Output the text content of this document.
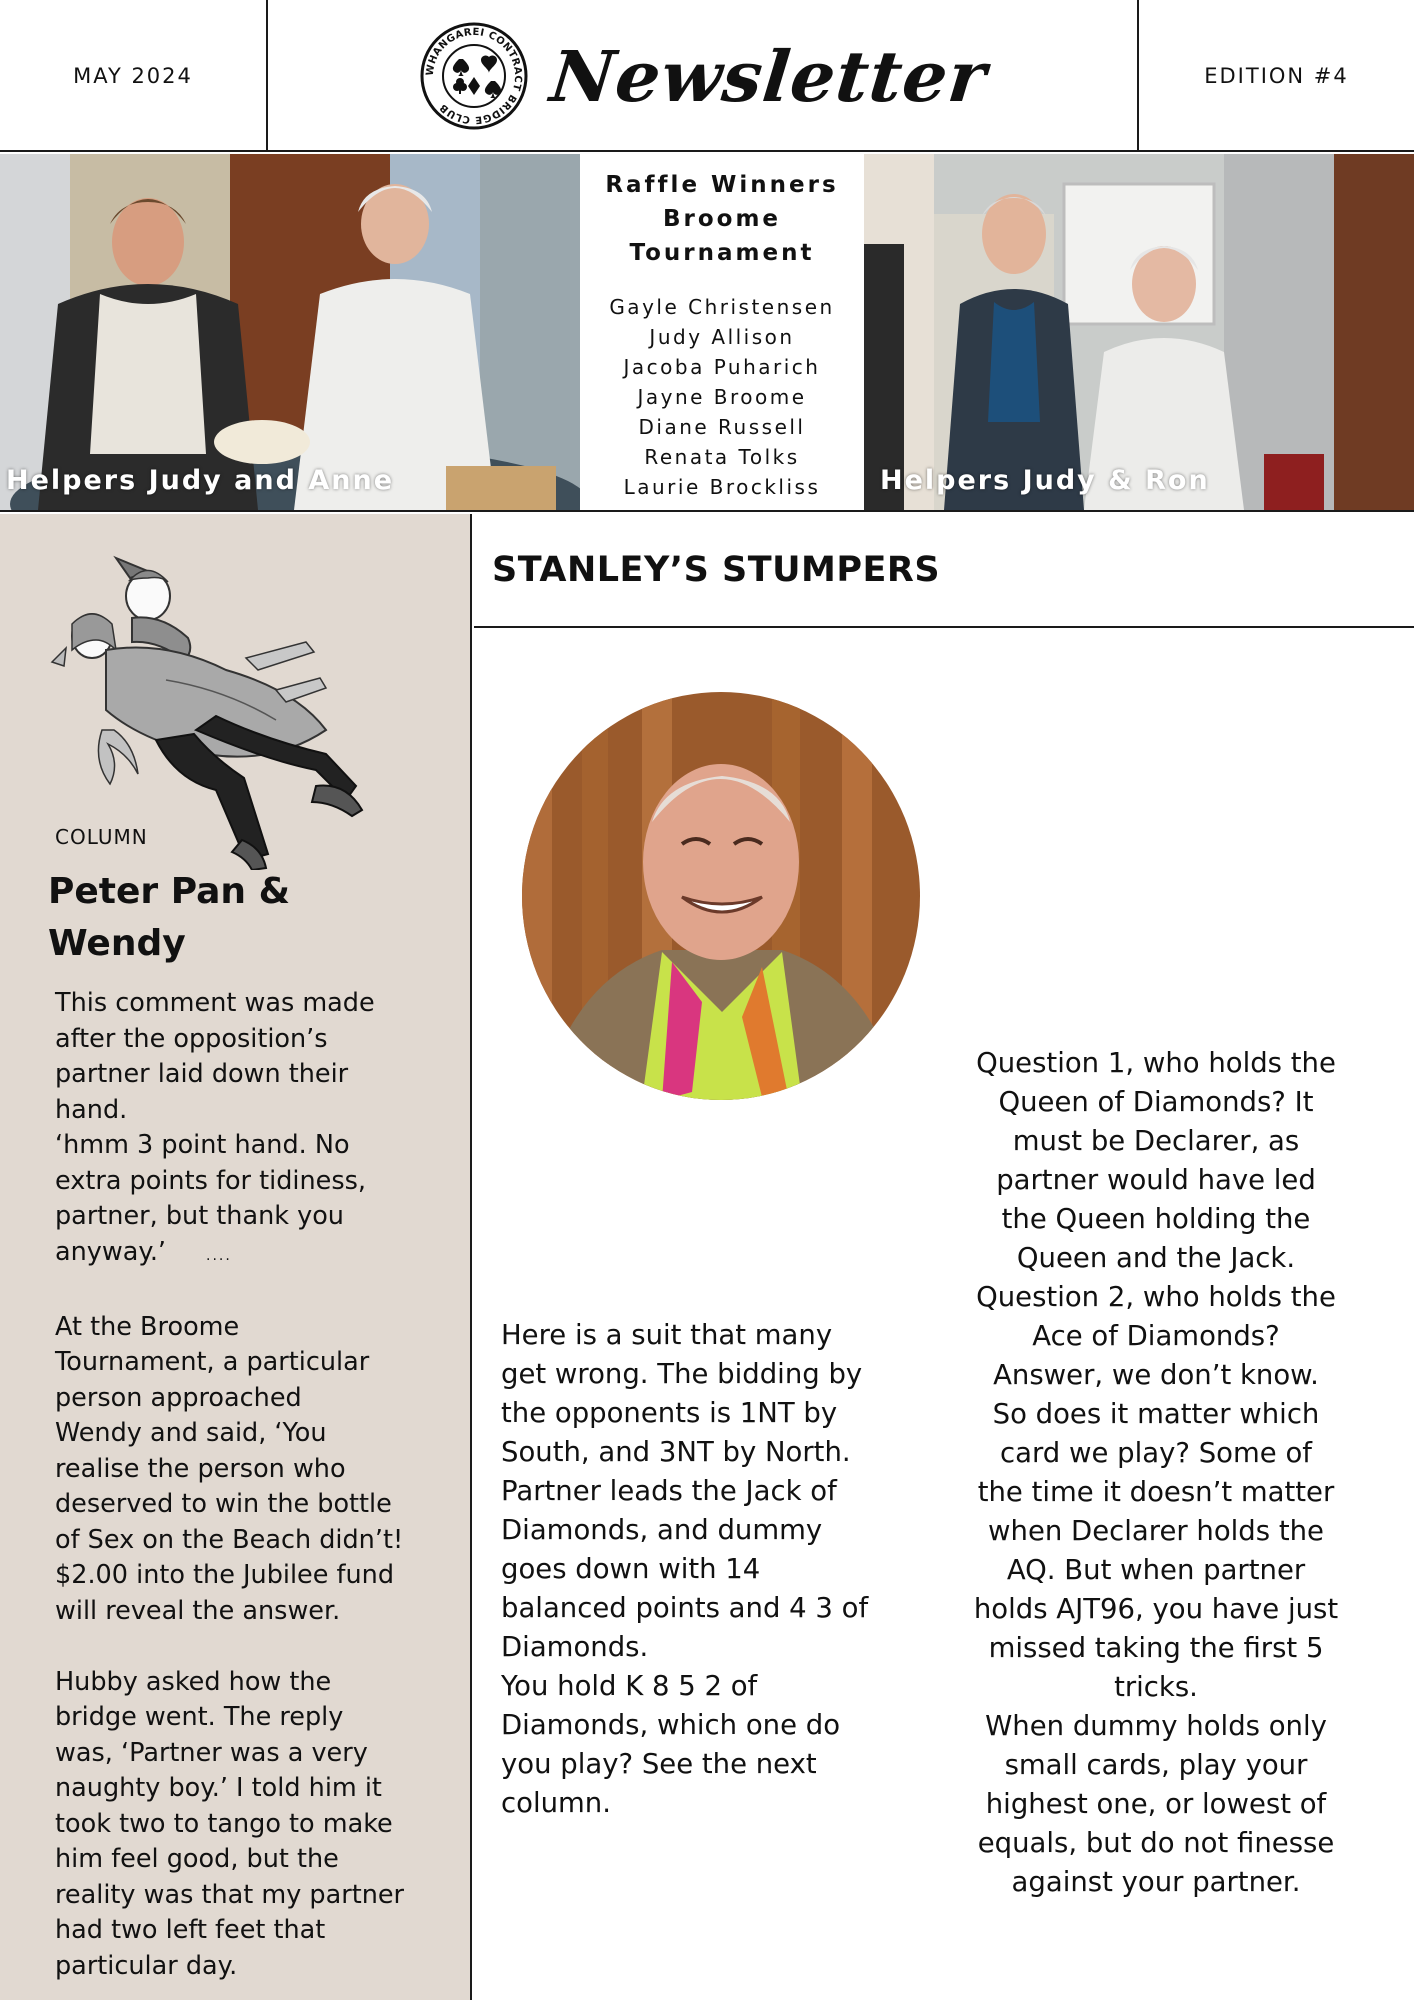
MAY 2024	WHANGAREI CONTRACT BRIDGE CLUB	Newsletter	EDITION #4
Helpers Judy and Anne
Raffle Winners
Broome
Tournament
Gayle Christensen
Judy Allison
Jacoba Puharich
Jayne Broome
Diane Russell
Renata Tolks
Laurie Brockliss	Helpers Judy & Ron
COLUMN
Peter Pan &
Wendy

This comment was made
after the opposition’s
partner laid down their
hand.
‘hmm 3 point hand. No
extra points for tidiness,
partner, but thank you
anyway.’	....

At the Broome
Tournament, a particular
person approached
Wendy and said, ‘You
realise the person who
deserved to win the bottle
of Sex on the Beach didn’t!
$2.00 into the Jubilee fund
will reveal the answer.

Hubby asked how the
bridge went. The reply
was, ‘Partner was a very
naughty boy.’ I told him it
took two to tango to make
him feel good, but the
reality was that my partner
had two left feet that
particular day.

STANLEY’S STUMPERS
Here is a suit that many
get wrong. The bidding by
the opponents is 1NT by
South, and 3NT by North.
Partner leads the Jack of
Diamonds, and dummy
goes down with 14
balanced points and 4 3 of
Diamonds.
You hold K 8 5 2 of
Diamonds, which one do
you play? See the next
column.
Question 1, who holds the
Queen of Diamonds? It
must be Declarer, as
partner would have led
the Queen holding the
Queen and the Jack.
Question 2, who holds the
Ace of Diamonds?
Answer, we don’t know.
So does it matter which
card we play? Some of
the time it doesn’t matter
when Declarer holds the
AQ. But when partner
holds AJT96, you have just
missed taking the first 5
tricks.
When dummy holds only
small cards, play your
highest one, or lowest of
equals, but do not finesse
against your partner.
